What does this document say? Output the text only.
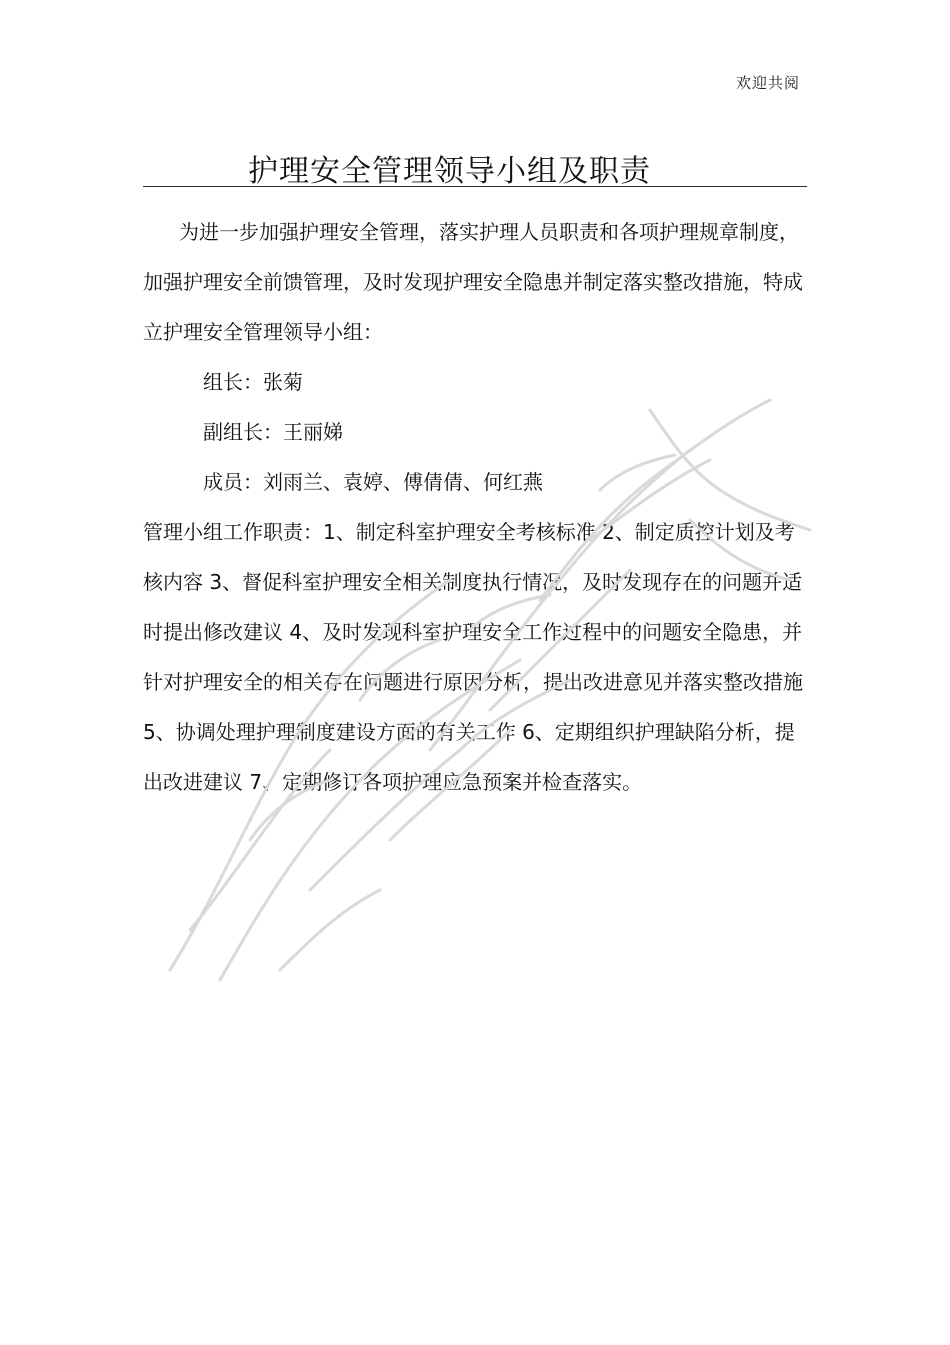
欢迎共阅
护理安全管理领导小组及职责

为进一步加强护理安全管理，落实护理人员职责和各项护理规章制度，加强护理安全前馈管理，及时发现护理安全隐患并制定落实整改措施，特成立护理安全管理领导小组：

组长：张菊
副组长：王丽娣
成员：刘雨兰、袁婷、傅倩倩、何红燕

管理小组工作职责：1、制定科室护理安全考核标准 2、制定质控计划及考核内容 3、督促科室护理安全相关制度执行情况，及时发现存在的问题并适时提出修改建议 4、及时发现科室护理安全工作过程中的问题安全隐患，并针对护理安全的相关存在问题进行原因分析，提出改进意见并落实整改措施 5、协调处理护理制度建设方面的有关工作 6、定期组织护理缺陷分析，提出改进建议 7、定期修订各项护理应急预案并检查落实。
